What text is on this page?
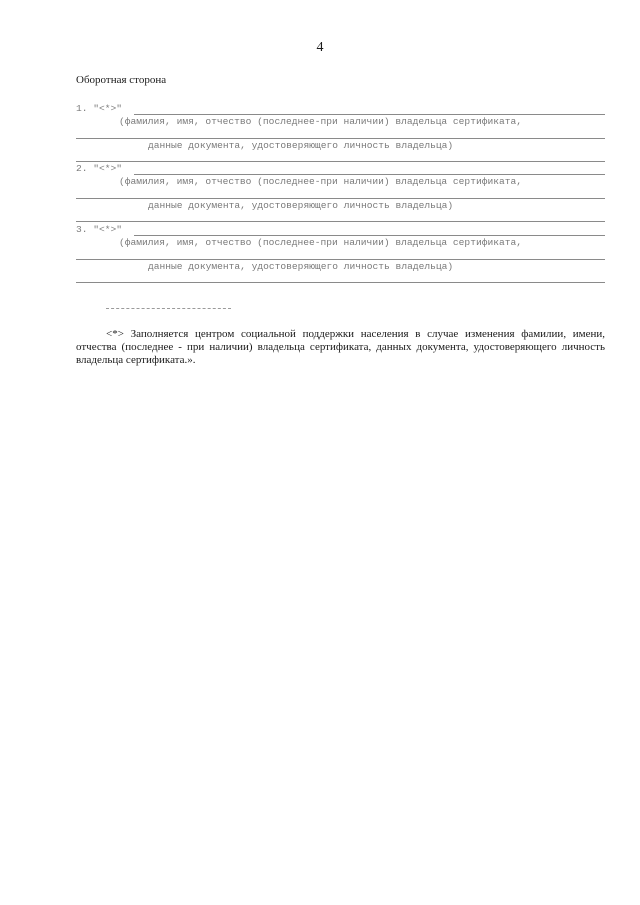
4
Оборотная сторона
1. "<*>"
(фамилия, имя, отчество (последнее-при наличии) владельца сертификата,
данные документа, удостоверяющего личность владельца)
2. "<*>"
(фамилия, имя, отчество (последнее-при наличии) владельца сертификата,
данные документа, удостоверяющего личность владельца)
3. "<*>"
(фамилия, имя, отчество (последнее-при наличии) владельца сертификата,
данные документа, удостоверяющего личность владельца)
<*> Заполняется центром социальной поддержки населения в случае изменения фамилии, имени, отчества (последнее - при наличии) владельца сертификата, данных документа, удостоверяющего личность владельца сертификата.».
